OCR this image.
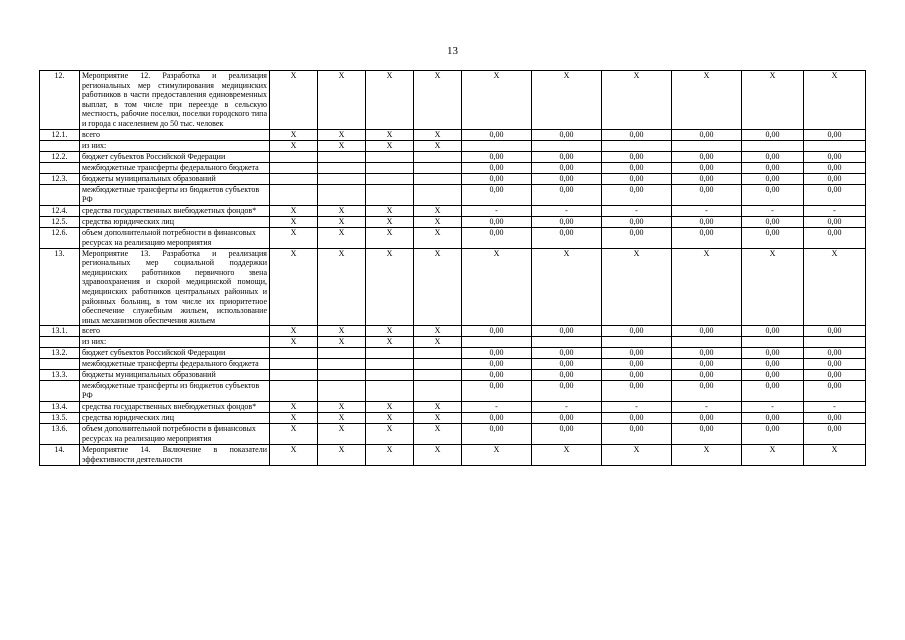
13
12.	Мероприятие 12. Разработка и реализация региональных мер стимулирования медицинских работников в части предоставления единовременных выплат, в том числе при переезде в сельскую местность, рабочие поселки, поселки городского типа и города с населением до 50 тыс. человек	X	X	X	X	X	X	X	X	X	X
12.1.	всего	X	X	X	X	0,00	0,00	0,00	0,00	0,00	0,00
	из них:	X	X	X	X						
12.2.	бюджет субъектов Российской Федерации					0,00	0,00	0,00	0,00	0,00	0,00
	межбюджетные трансферты федерального бюджета					0,00	0,00	0,00	0,00	0,00	0,00
12.3.	бюджеты муниципальных образований					0,00	0,00	0,00	0,00	0,00	0,00
	межбюджетные трансферты из бюджетов субъектов РФ					0,00	0,00	0,00	0,00	0,00	0,00
12.4.	средства государственных внебюджетных фондов*	X	X	X	X	-	-	-	-	-	-
12.5.	средства юридических лиц	X	X	X	X	0,00	0,00	0,00	0,00	0,00	0,00
12.6.	объем дополнительной потребности в финансовых ресурсах на реализацию мероприятия	X	X	X	X	0,00	0,00	0,00	0,00	0,00	0,00
13.	Мероприятие 13. Разработка и реализация региональных мер социальной поддержки медицинских работников первичного звена здравоохранения и скорой медицинской помощи, медицинских работников центральных районных и районных больниц, в том числе их приоритетное обеспечение служебным жильем, использование иных механизмов обеспечения жильем	X	X	X	X	X	X	X	X	X	X
13.1.	всего	X	X	X	X	0,00	0,00	0,00	0,00	0,00	0,00
	из них:	X	X	X	X						
13.2.	бюджет субъектов Российской Федерации					0,00	0,00	0,00	0,00	0,00	0,00
	межбюджетные трансферты федерального бюджета					0,00	0,00	0,00	0,00	0,00	0,00
13.3.	бюджеты муниципальных образований					0,00	0,00	0,00	0,00	0,00	0,00
	межбюджетные трансферты из бюджетов субъектов РФ					0,00	0,00	0,00	0,00	0,00	0,00
13.4.	средства государственных внебюджетных фондов*	X	X	X	X	-	-	-	-	-	-
13.5.	средства юридических лиц	X	X	X	X	0,00	0,00	0,00	0,00	0,00	0,00
13.6.	объем дополнительной потребности в финансовых ресурсах на реализацию мероприятия	X	X	X	X	0,00	0,00	0,00	0,00	0,00	0,00
14.	Мероприятие 14. Включение в показатели эффективности деятельности	X	X	X	X	X	X	X	X	X	X
